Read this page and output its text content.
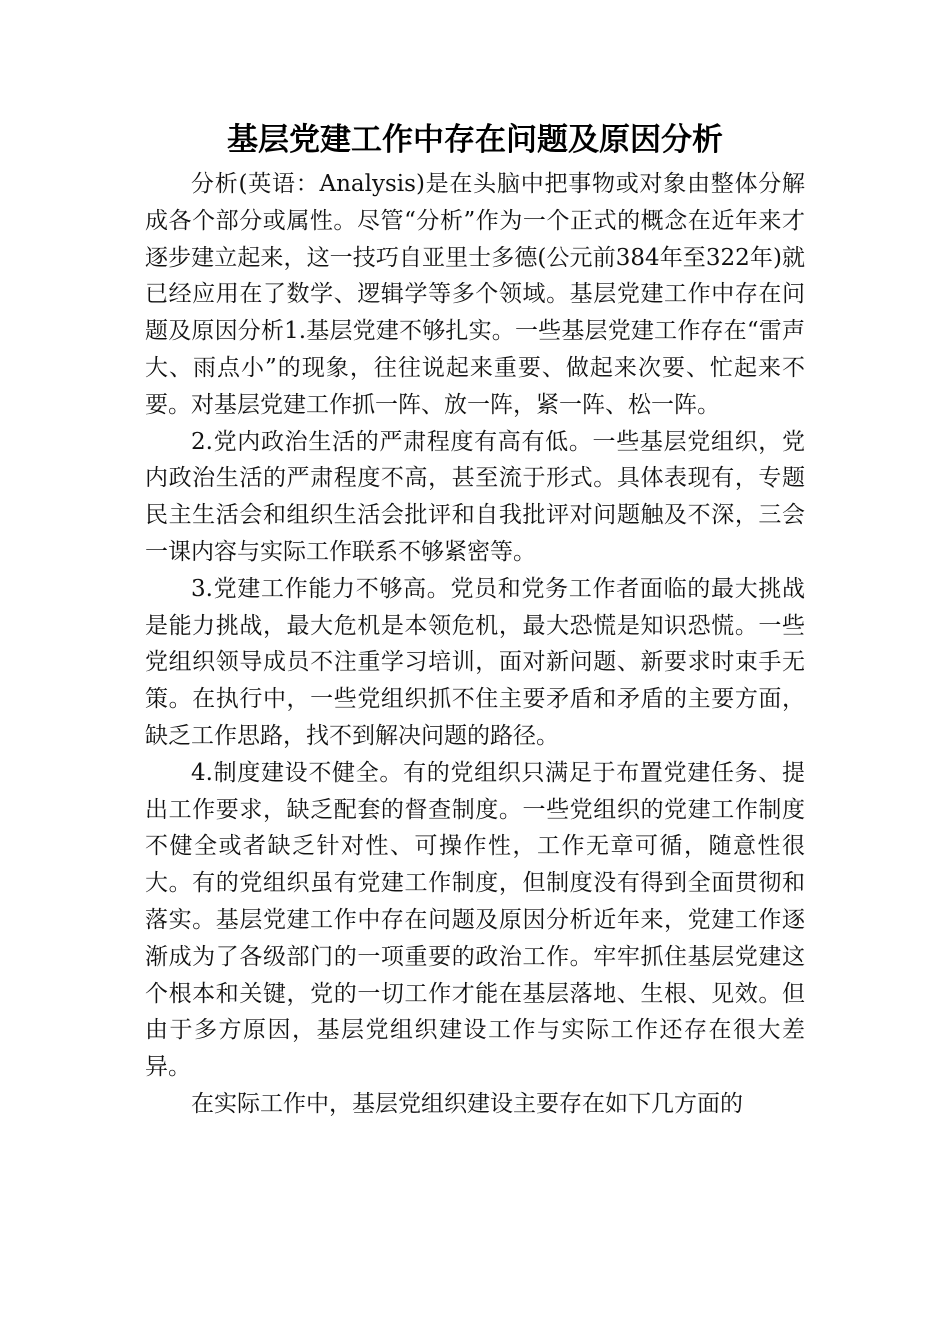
基层党建工作中存在问题及原因分析

分析(英语：Analysis)是在头脑中把事物或对象由整体分解成各个部分或属性。尽管“分析”作为一个正式的概念在近年来才逐步建立起来，这一技巧自亚里士多德(公元前384年至322年)就已经应用在了数学、逻辑学等多个领域。基层党建工作中存在问题及原因分析1.基层党建不够扎实。一些基层党建工作存在“雷声大、雨点小”的现象，往往说起来重要、做起来次要、忙起来不要。对基层党建工作抓一阵、放一阵，紧一阵、松一阵。

2.党内政治生活的严肃程度有高有低。一些基层党组织，党内政治生活的严肃程度不高，甚至流于形式。具体表现有，专题民主生活会和组织生活会批评和自我批评对问题触及不深，三会一课内容与实际工作联系不够紧密等。

3.党建工作能力不够高。党员和党务工作者面临的最大挑战是能力挑战，最大危机是本领危机，最大恐慌是知识恐慌。一些党组织领导成员不注重学习培训，面对新问题、新要求时束手无策。在执行中，一些党组织抓不住主要矛盾和矛盾的主要方面，缺乏工作思路，找不到解决问题的路径。

4.制度建设不健全。有的党组织只满足于布置党建任务、提出工作要求，缺乏配套的督查制度。一些党组织的党建工作制度不健全或者缺乏针对性、可操作性，工作无章可循，随意性很大。有的党组织虽有党建工作制度，但制度没有得到全面贯彻和落实。基层党建工作中存在问题及原因分析近年来，党建工作逐渐成为了各级部门的一项重要的政治工作。牢牢抓住基层党建这个根本和关键，党的一切工作才能在基层落地、生根、见效。但由于多方原因，基层党组织建设工作与实际工作还存在很大差异。

在实际工作中，基层党组织建设主要存在如下几方面的
